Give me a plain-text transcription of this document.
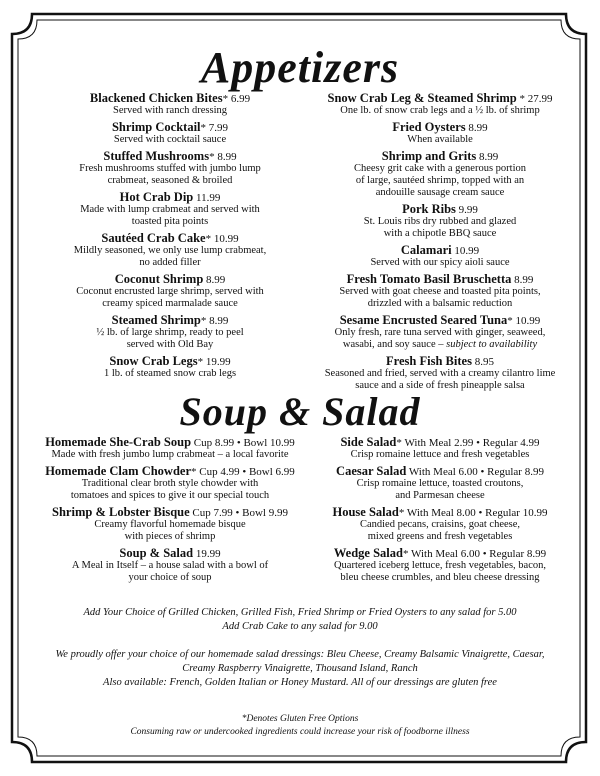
Appetizers
Blackened Chicken Bites* 6.99
Served with ranch dressing
Shrimp Cocktail* 7.99
Served with cocktail sauce
Stuffed Mushrooms* 8.99
Fresh mushrooms stuffed with jumbo lump
crabmeat, seasoned & broiled
Hot Crab Dip 11.99
Made with lump crabmeat and served with
toasted pita points
Sautéed Crab Cake* 10.99
Mildly seasoned, we only use lump crabmeat,
no added filler
Coconut Shrimp 8.99
Coconut encrusted large shrimp, served with
creamy spiced marmalade sauce
Steamed Shrimp* 8.99
½ lb. of large shrimp, ready to peel
served with Old Bay
Snow Crab Legs* 19.99
1 lb. of steamed snow crab legs
Snow Crab Leg & Steamed Shrimp * 27.99
One lb. of snow crab legs and a ½ lb. of shrimp
Fried Oysters 8.99
When available
Shrimp and Grits 8.99
Cheesy grit cake with a generous portion
of large, sautéed shrimp, topped with an
andouille sausage cream sauce
Pork Ribs 9.99
St. Louis ribs dry rubbed and glazed
with a chipotle BBQ sauce
Calamari 10.99
Served with our spicy aioli sauce
Fresh Tomato Basil Bruschetta 8.99
Served with goat cheese and toasted pita points,
drizzled with a balsamic reduction
Sesame Encrusted Seared Tuna* 10.99
Only fresh, rare tuna served with ginger, seaweed,
wasabi, and soy sauce – subject to availability
Fresh Fish Bites 8.95
Seasoned and fried, served with a creamy cilantro lime
sauce and a side of fresh pineapple salsa
Soup & Salad
Homemade She-Crab Soup Cup 8.99 • Bowl 10.99
Made with fresh jumbo lump crabmeat – a local favorite
Homemade Clam Chowder* Cup 4.99 • Bowl 6.99
Traditional clear broth style chowder with
tomatoes and spices to give it our special touch
Shrimp & Lobster Bisque Cup 7.99 • Bowl 9.99
Creamy flavorful homemade bisque
with pieces of shrimp
Soup & Salad 19.99
A Meal in Itself – a house salad with a bowl of
your choice of soup
Side Salad* With Meal 2.99 • Regular 4.99
Crisp romaine lettuce and fresh vegetables
Caesar Salad With Meal 6.00 • Regular 8.99
Crisp romaine lettuce, toasted croutons,
and Parmesan cheese
House Salad* With Meal 8.00 • Regular 10.99
Candied pecans, craisins, goat cheese,
mixed greens and fresh vegetables
Wedge Salad* With Meal 6.00 • Regular 8.99
Quartered iceberg lettuce, fresh vegetables, bacon,
bleu cheese crumbles, and bleu cheese dressing
Add Your Choice of Grilled Chicken, Grilled Fish, Fried Shrimp or Fried Oysters to any salad for 5.00
Add Crab Cake to any salad for 9.00
We proudly offer your choice of our homemade salad dressings: Bleu Cheese, Creamy Balsamic Vinaigrette, Caesar,
Creamy Raspberry Vinaigrette, Thousand Island, Ranch
Also available: French, Golden Italian or Honey Mustard. All of our dressings are gluten free
*Denotes Gluten Free Options
Consuming raw or undercooked ingredients could increase your risk of foodborne illness
